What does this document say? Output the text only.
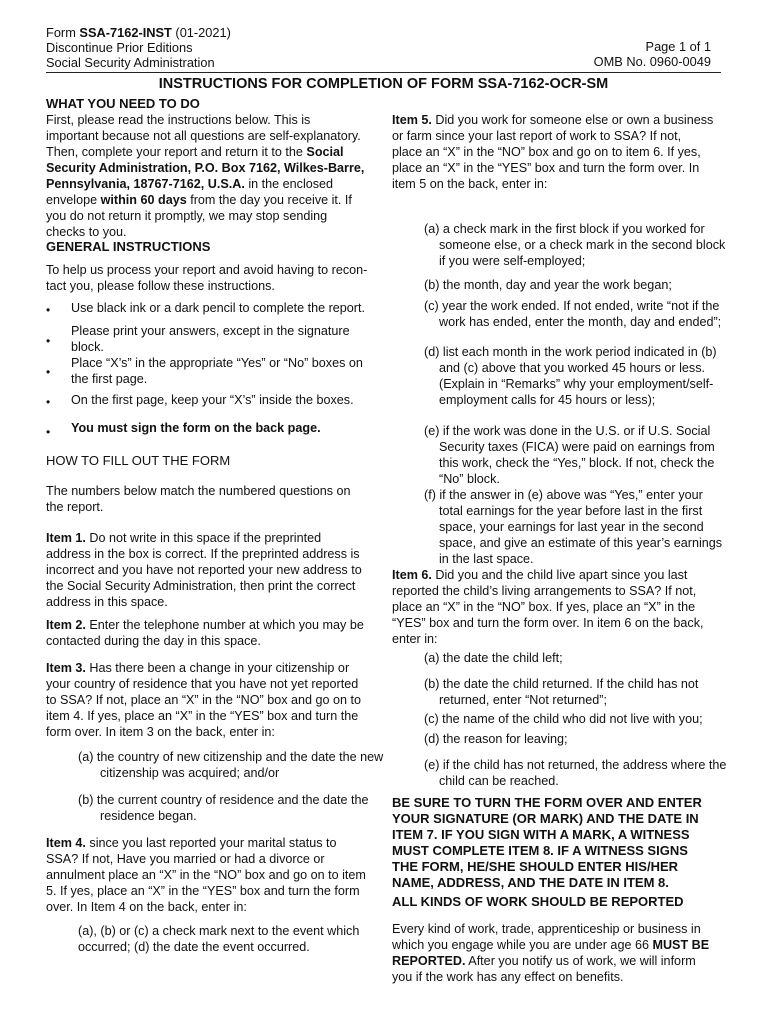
Form SSA-7162-INST (01-2021)
Discontinue Prior Editions
Social Security Administration
Page 1 of 1
OMB No. 0960-0049
INSTRUCTIONS FOR COMPLETION OF FORM SSA-7162-OCR-SM
WHAT YOU NEED TO DO
First, please read the instructions below. This is important because not all questions are self-explanatory. Then, complete your report and return it to the Social Security Administration, P.O. Box 7162, Wilkes-Barre, Pennsylvania, 18767-7162, U.S.A. in the enclosed envelope within 60 days from the day you receive it. If you do not return it promptly, we may stop sending checks to you.
GENERAL INSTRUCTIONS
To help us process your report and avoid having to recon- tact you, please follow these instructions.
• Use black ink or a dark pencil to complete the report.
•
Please print your answers, except in the signature block.
•
Place “X’s” in the appropriate “Yes” or “No” boxes on the first page.
• On the first page, keep your “X’s” inside the boxes.
• You must sign the form on the back page.
HOW TO FILL OUT THE FORM
The numbers below match the numbered questions on the report.
Item 1. Do not write in this space if the preprinted address in the box is correct. If the preprinted address is incorrect and you have not reported your new address to the Social Security Administration, then print the correct address in this space.
Item 2. Enter the telephone number at which you may be contacted during the day in this space.
Item 3. Has there been a change in your citizenship or your country of residence that you have not yet reported to SSA? If not, place an “X” in the “NO” box and go on to item 4. If yes, place an “X” in the “YES” box and turn the form over. In item 3 on the back, enter in:
(a) the country of new citizenship and the date the new citizenship was acquired; and/or
(b) the current country of residence and the date the residence began.
Item 4. since you last reported your marital status to SSA? If not, Have you married or had a divorce or annulment place an “X” in the “NO” box and go on to item 5. If yes, place an “X” in the “YES” box and turn the form over. In Item 4 on the back, enter in:
(a), (b) or (c) a check mark next to the event which occurred; (d) the date the event occurred.
Item 5. Did you work for someone else or own a business or farm since your last report of work to SSA? If not, place an “X” in the “NO” box and go on to item 6. If yes, place an “X” in the “YES” box and turn the form over. In item 5 on the back, enter in:
(a) a check mark in the first block if you worked for someone else, or a check mark in the second block if you were self-employed;
(b) the month, day and year the work began;
(c) year the work ended. If not ended, write “not if the work has ended, enter the month, day and ended”;
(d) list each month in the work period indicated in (b) and (c) above that you worked 45 hours or less. (Explain in “Remarks” why your employment/self- employment calls for 45 hours or less);
(e) if the work was done in the U.S. or if U.S. Social Security taxes (FICA) were paid on earnings from this work, check the “Yes,” block. If not, check the “No” block.
(f) if the answer in (e) above was “Yes,” enter your total earnings for the year before last in the first space, your earnings for last year in the second space, and give an estimate of this year’s earnings in the last space.
Item 6. Did you and the child live apart since you last reported the child’s living arrangements to SSA? If not, place an “X” in the “NO” box. If yes, place an “X” in the “YES” box and turn the form over. In item 6 on the back, enter in:
(a) the date the child left;
(b) the date the child returned. If the child has not returned, enter “Not returned”;
(c) the name of the child who did not live with you;
(d) the reason for leaving;
(e) if the child has not returned, the address where the child can be reached.
BE SURE TO TURN THE FORM OVER AND ENTER YOUR SIGNATURE (OR MARK) AND THE DATE IN ITEM 7. IF YOU SIGN WITH A MARK, A WITNESS MUST COMPLETE ITEM 8. IF A WITNESS SIGNS THE FORM, HE/SHE SHOULD ENTER HIS/HER NAME, ADDRESS, AND THE DATE IN ITEM 8.
ALL KINDS OF WORK SHOULD BE REPORTED
Every kind of work, trade, apprenticeship or business in which you engage while you are under age 66 MUST BE REPORTED. After you notify us of work, we will inform you if the work has any effect on benefits.
